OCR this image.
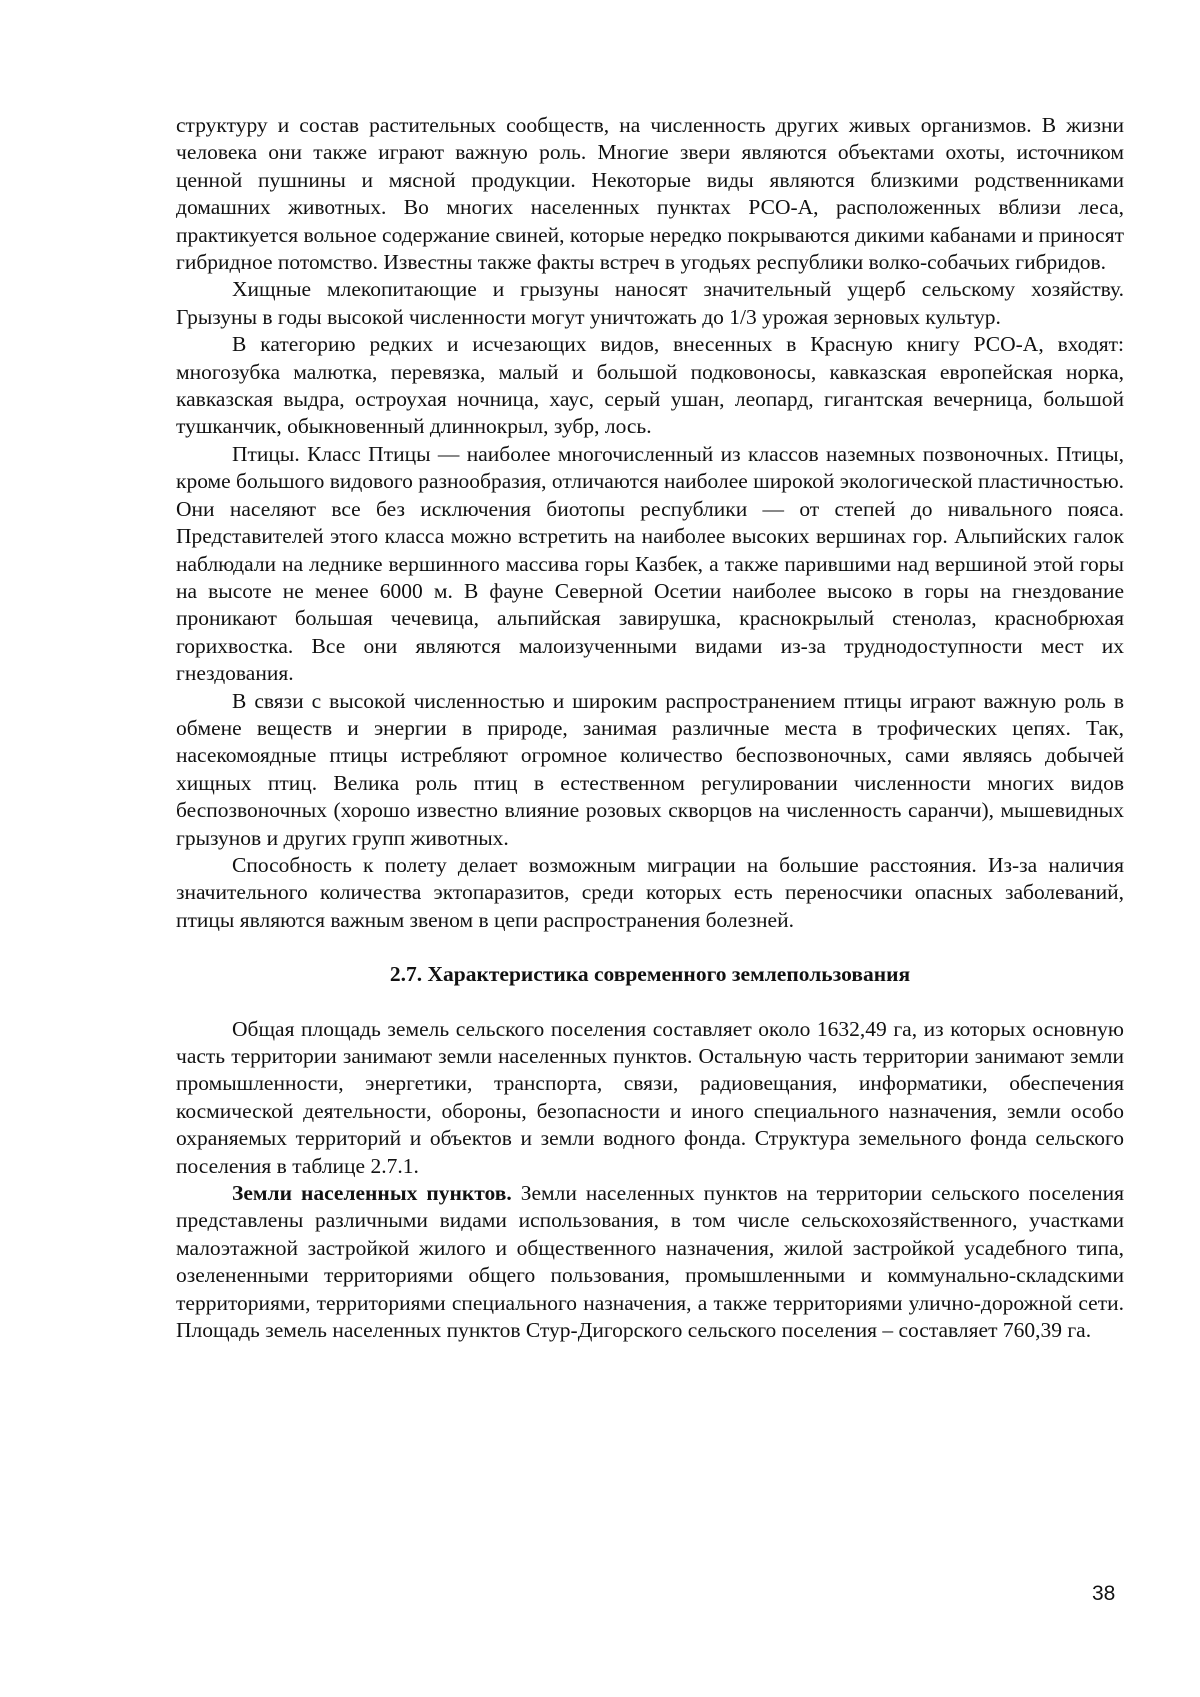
структуру и состав растительных сообществ, на численность других живых организмов. В жизни человека они также играют важную роль. Многие звери являются объектами охоты, источником ценной пушнины и мясной продукции. Некоторые виды являются близкими родственниками домашних животных. Во многих населенных пунктах РСО-А, расположенных вблизи леса, практикуется вольное содержание свиней, которые нередко покрываются дикими кабанами и приносят гибридное потомство. Известны также факты встреч в угодьях республики волко-собачьих гибридов.

Хищные млекопитающие и грызуны наносят значительный ущерб сельскому хозяйству. Грызуны в годы высокой численности могут уничтожать до 1/3 урожая зерновых культур.

В категорию редких и исчезающих видов, внесенных в Красную книгу РСО-А, входят: многозубка малютка, перевязка, малый и большой подковоносы, кавказская европейская норка, кавказская выдра, остроухая ночница, хаус, серый ушан, леопард, гигантская вечерница, большой тушканчик, обыкновенный длиннокрыл, зубр, лось.

Птицы. Класс Птицы — наиболее многочисленный из классов наземных позвоночных. Птицы, кроме большого видового разнообразия, отличаются наиболее широкой экологической пластичностью. Они населяют все без исключения биотопы республики — от степей до нивального пояса. Представителей этого класса можно встретить на наиболее высоких вершинах гор. Альпийских галок наблюдали на леднике вершинного массива горы Казбек, а также парившими над вершиной этой горы на высоте не менее 6000 м. В фауне Северной Осетии наиболее высоко в горы на гнездование проникают большая чечевица, альпийская завирушка, краснокрылый стенолаз, краснобрюхая горихвостка. Все они являются малоизученными видами из-за труднодоступности мест их гнездования.

В связи с высокой численностью и широким распространением птицы играют важную роль в обмене веществ и энергии в природе, занимая различные места в трофических цепях. Так, насекомоядные птицы истребляют огромное количество беспозвоночных, сами являясь добычей хищных птиц. Велика роль птиц в естественном регулировании численности многих видов беспозвоночных (хорошо известно влияние розовых скворцов на численность саранчи), мышевидных грызунов и других групп животных.

Способность к полету делает возможным миграции на большие расстояния. Из-за наличия значительного количества эктопаразитов, среди которых есть переносчики опасных заболеваний, птицы являются важным звеном в цепи распространения болезней.

2.7. Характеристика современного землепользования

Общая площадь земель сельского поселения составляет около 1632,49 га, из которых основную часть территории занимают земли населенных пунктов. Остальную часть территории занимают земли промышленности, энергетики, транспорта, связи, радиовещания, информатики, обеспечения космической деятельности, обороны, безопасности и иного специального назначения, земли особо охраняемых территорий и объектов и земли водного фонда. Структура земельного фонда сельского поселения в таблице 2.7.1.

Земли населенных пунктов. Земли населенных пунктов на территории сельского поселения представлены различными видами использования, в том числе сельскохозяйственного, участками малоэтажной застройкой жилого и общественного назначения, жилой застройкой усадебного типа, озелененными территориями общего пользования, промышленными и коммунально-складскими территориями, территориями специального назначения, а также территориями улично-дорожной сети. Площадь земель населенных пунктов Стур-Дигорского сельского поселения – составляет 760,39 га.

38
